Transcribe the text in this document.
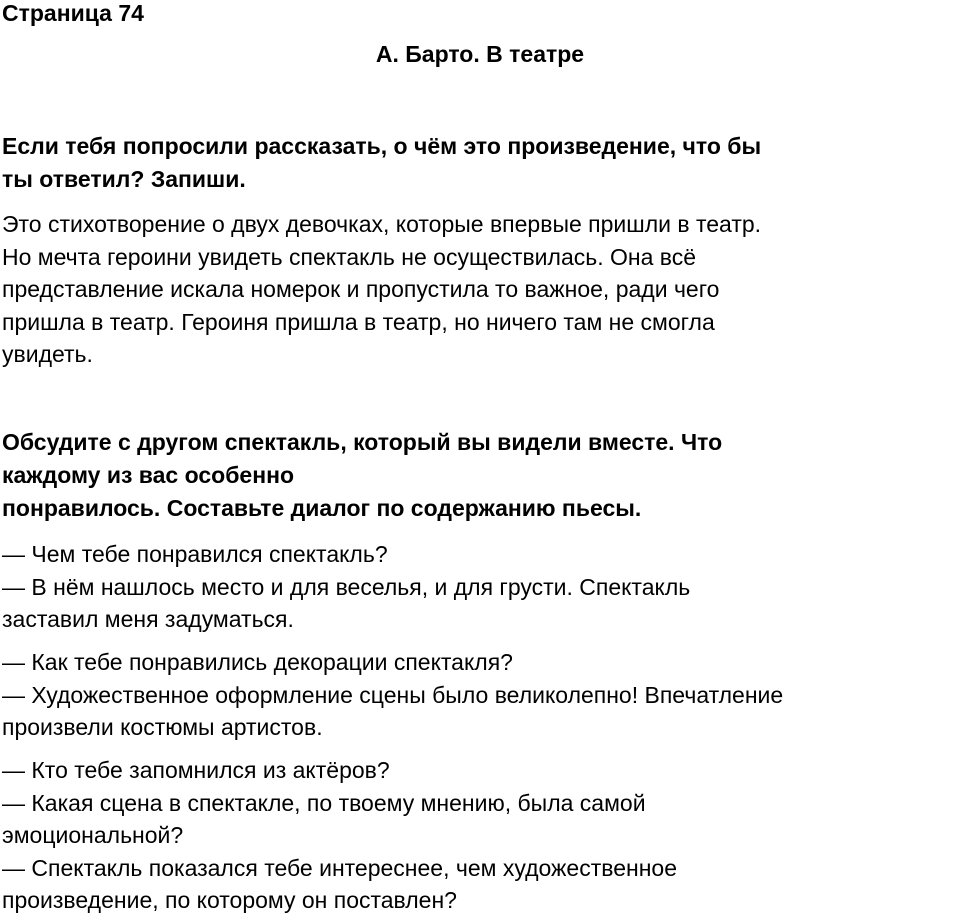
Страница 74
А. Барто. В театре

Если тебя попросили рассказать, о чём это произведение, что бы
ты ответил? Запиши.

Это стихотворение о двух девочках, которые впервые пришли в театр.
Но мечта героини увидеть спектакль не осуществилась. Она всё
представление искала номерок и пропустила то важное, ради чего
пришла в театр. Героиня пришла в театр, но ничего там не смогла
увидеть.

Обсудите с другом спектакль, который вы видели вместе. Что
каждому из вас особенно
понравилось. Составьте диалог по содержанию пьесы.

— Чем тебе понравился спектакль?
— В нём нашлось место и для веселья, и для грусти. Спектакль
заставил меня задуматься.

— Как тебе понравились декорации спектакля?
— Художественное оформление сцены было великолепно! Впечатление
произвели костюмы артистов.

— Кто тебе запомнился из актёров?
— Какая сцена в спектакле, по твоему мнению, была самой
эмоциональной?
— Спектакль показался тебе интереснее, чем художественное
произведение, по которому он поставлен?
